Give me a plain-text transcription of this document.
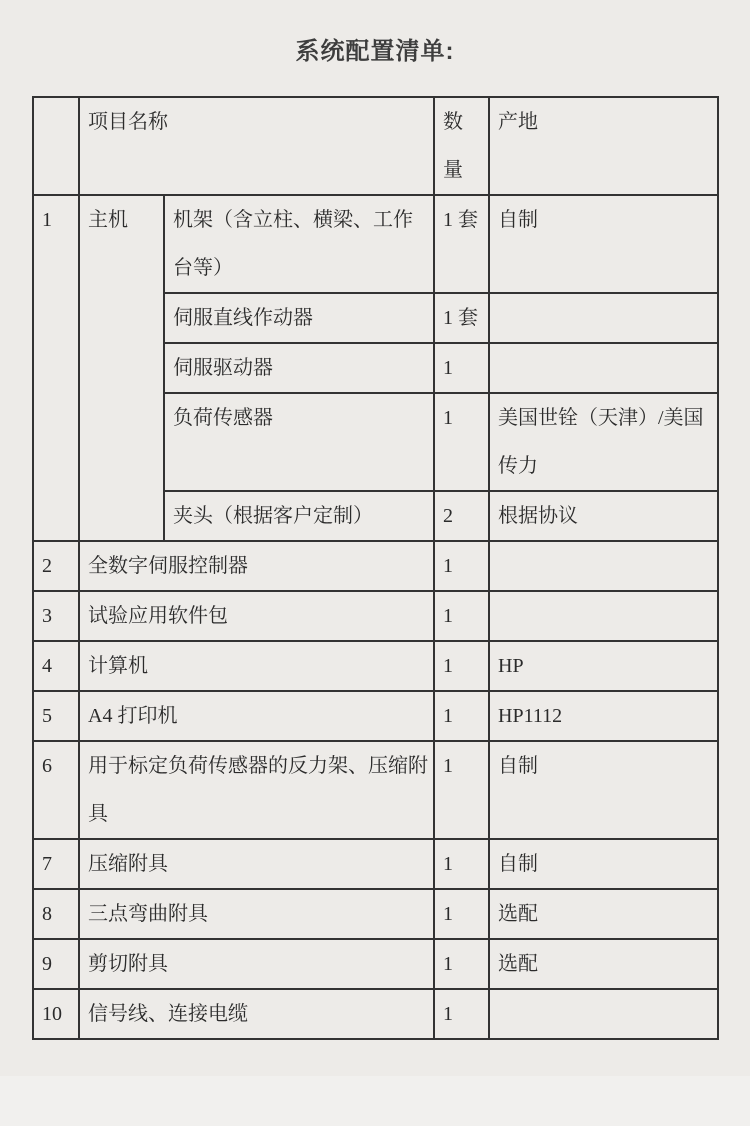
系统配置清单:
	项目名称		数量	产地
1	主机	机架（含立柱、横梁、工作台等）	1 套	自制
		伺服直线作动器	1 套	
		伺服驱动器	1	
		负荷传感器	1	美国世铨（天津）/美国传力
		夹头（根据客户定制）	2	根据协议
2	全数字伺服控制器		1	
3	试验应用软件包		1	
4	计算机		1	HP
5	A4 打印机		1	HP1112
6	用于标定负荷传感器的反力架、压缩附具		1	自制
7	压缩附具		1	自制
8	三点弯曲附具		1	选配
9	剪切附具		1	选配
10	信号线、连接电缆		1	
